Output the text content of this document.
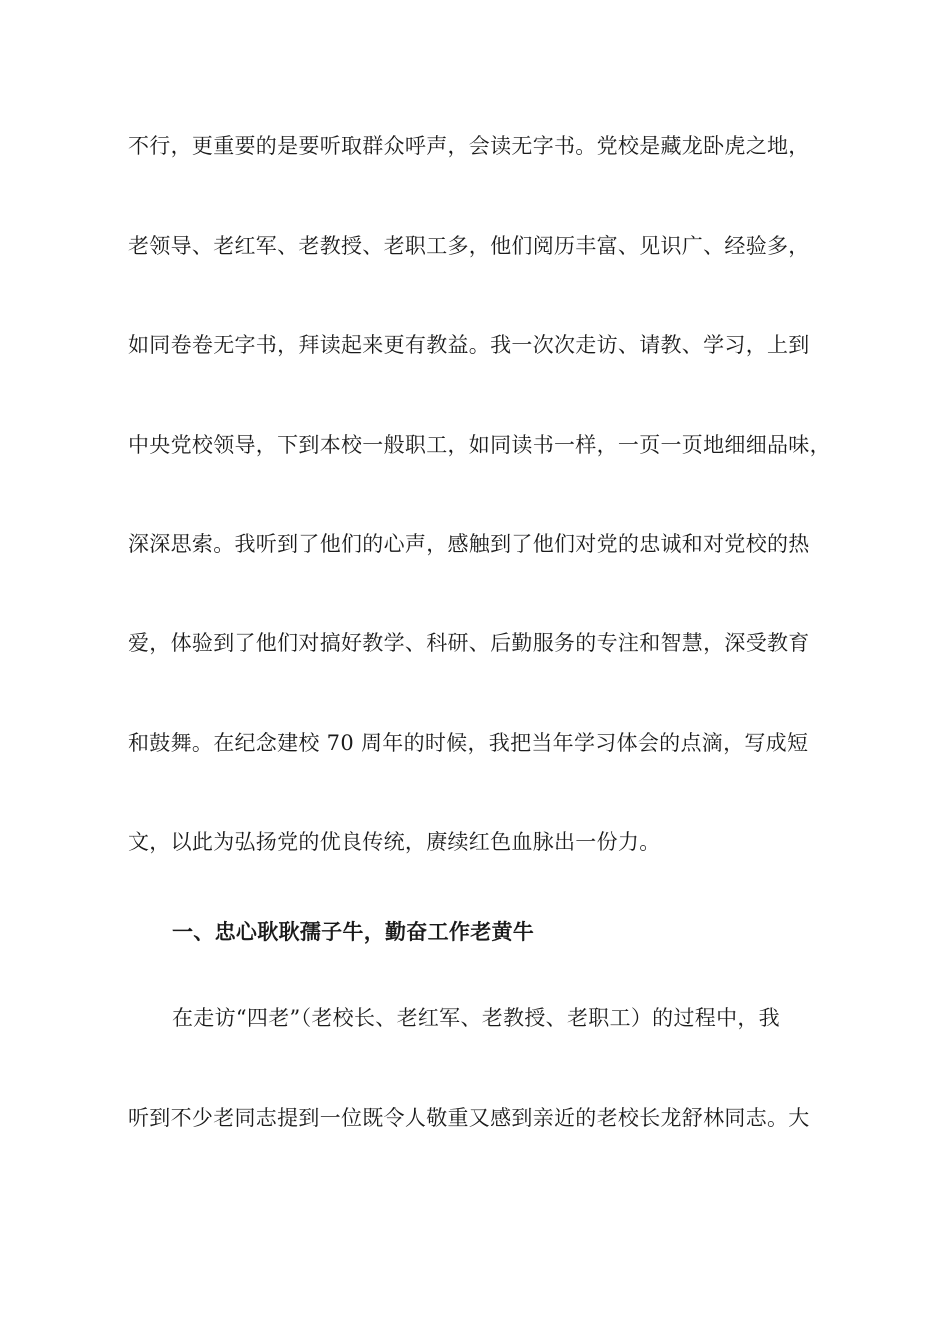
不行，更重要的是要听取群众呼声，会读无字书。党校是藏龙卧虎之地，
老领导、老红军、老教授、老职工多，他们阅历丰富、见识广、经验多，
如同卷卷无字书，拜读起来更有教益。我一次次走访、请教、学习，上到
中央党校领导，下到本校一般职工，如同读书一样，一页一页地细细品味，
深深思索。我听到了他们的心声，感触到了他们对党的忠诚和对党校的热
爱，体验到了他们对搞好教学、科研、后勤服务的专注和智慧，深受教育
和鼓舞。在纪念建校 70 周年的时候，我把当年学习体会的点滴，写成短
文，以此为弘扬党的优良传统，赓续红色血脉出一份力。
一、忠心耿耿孺子牛，勤奋工作老黄牛
在走访“四老”（老校长、老红军、老教授、老职工）的过程中，我
听到不少老同志提到一位既令人敬重又感到亲近的老校长龙舒林同志。大
